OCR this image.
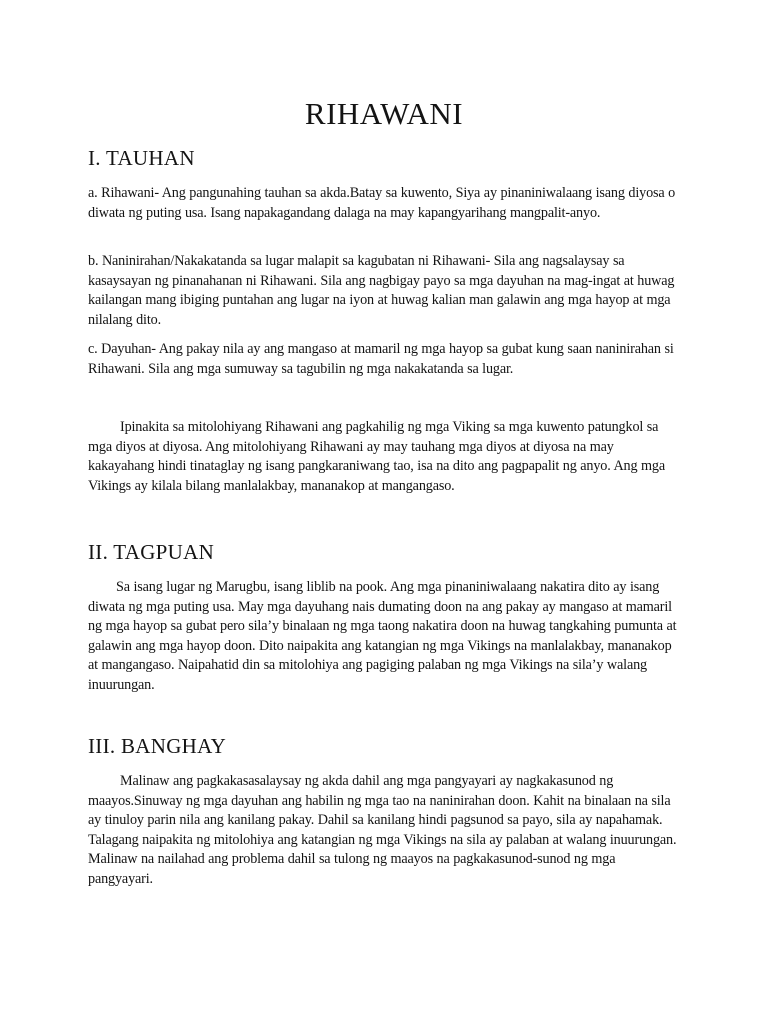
RIHAWANI
I. TAUHAN

a. Rihawani- Ang pangunahing tauhan sa akda.Batay sa kuwento, Siya ay pinaniniwalaang isang diyosa o diwata ng puting usa. Isang napakagandang dalaga na may kapangyarihang mangpalit-anyo.

b. Naninirahan/Nakakatanda sa lugar malapit sa kagubatan ni Rihawani- Sila ang nagsalaysay sa kasaysayan ng pinanahanan ni Rihawani. Sila ang nagbigay payo sa mga dayuhan na mag-ingat at huwag kailangan mang ibiging puntahan ang lugar na iyon at huwag kalian man galawin ang mga hayop at mga nilalang dito.

c. Dayuhan- Ang pakay nila ay ang mangaso at mamaril ng mga hayop sa gubat kung saan naninirahan si Rihawani. Sila ang mga sumuway sa tagubilin ng mga nakakatanda sa lugar.

Ipinakita sa mitolohiyang Rihawani ang pagkahilig ng mga Viking sa mga kuwento patungkol sa mga diyos at diyosa. Ang mitolohiyang Rihawani ay may tauhang mga diyos at diyosa na may kakayahang hindi tinataglay ng isang pangkaraniwang tao, isa na dito ang pagpapalit ng anyo. Ang mga Vikings ay kilala bilang manlalakbay, mananakop at mangangaso.

II. TAGPUAN

Sa isang lugar ng Marugbu, isang liblib na pook. Ang mga pinaniniwalaang nakatira dito ay isang diwata ng mga puting usa. May mga dayuhang nais dumating doon na ang pakay ay mangaso at mamaril ng mga hayop sa gubat pero sila’y binalaan ng mga taong nakatira doon na huwag tangkahing pumunta at galawin ang mga hayop doon. Dito naipakita ang katangian ng mga Vikings na manlalakbay, mananakop at mangangaso. Naipahatid din sa mitolohiya ang pagiging palaban ng mga Vikings na sila’y walang inuurungan.

III. BANGHAY

Malinaw ang pagkakasasalaysay ng akda dahil ang mga pangyayari ay nagkakasunod ng maayos.Sinuway ng mga dayuhan ang habilin ng mga tao na naninirahan doon. Kahit na binalaan na sila ay tinuloy parin nila ang kanilang pakay. Dahil sa kanilang hindi pagsunod sa payo, sila ay napahamak. Talagang naipakita ng mitolohiya ang katangian ng mga Vikings na sila ay palaban at walang inuurungan. Malinaw na nailahad ang problema dahil sa tulong ng maayos na pagkakasunod-sunod ng mga pangyayari.
